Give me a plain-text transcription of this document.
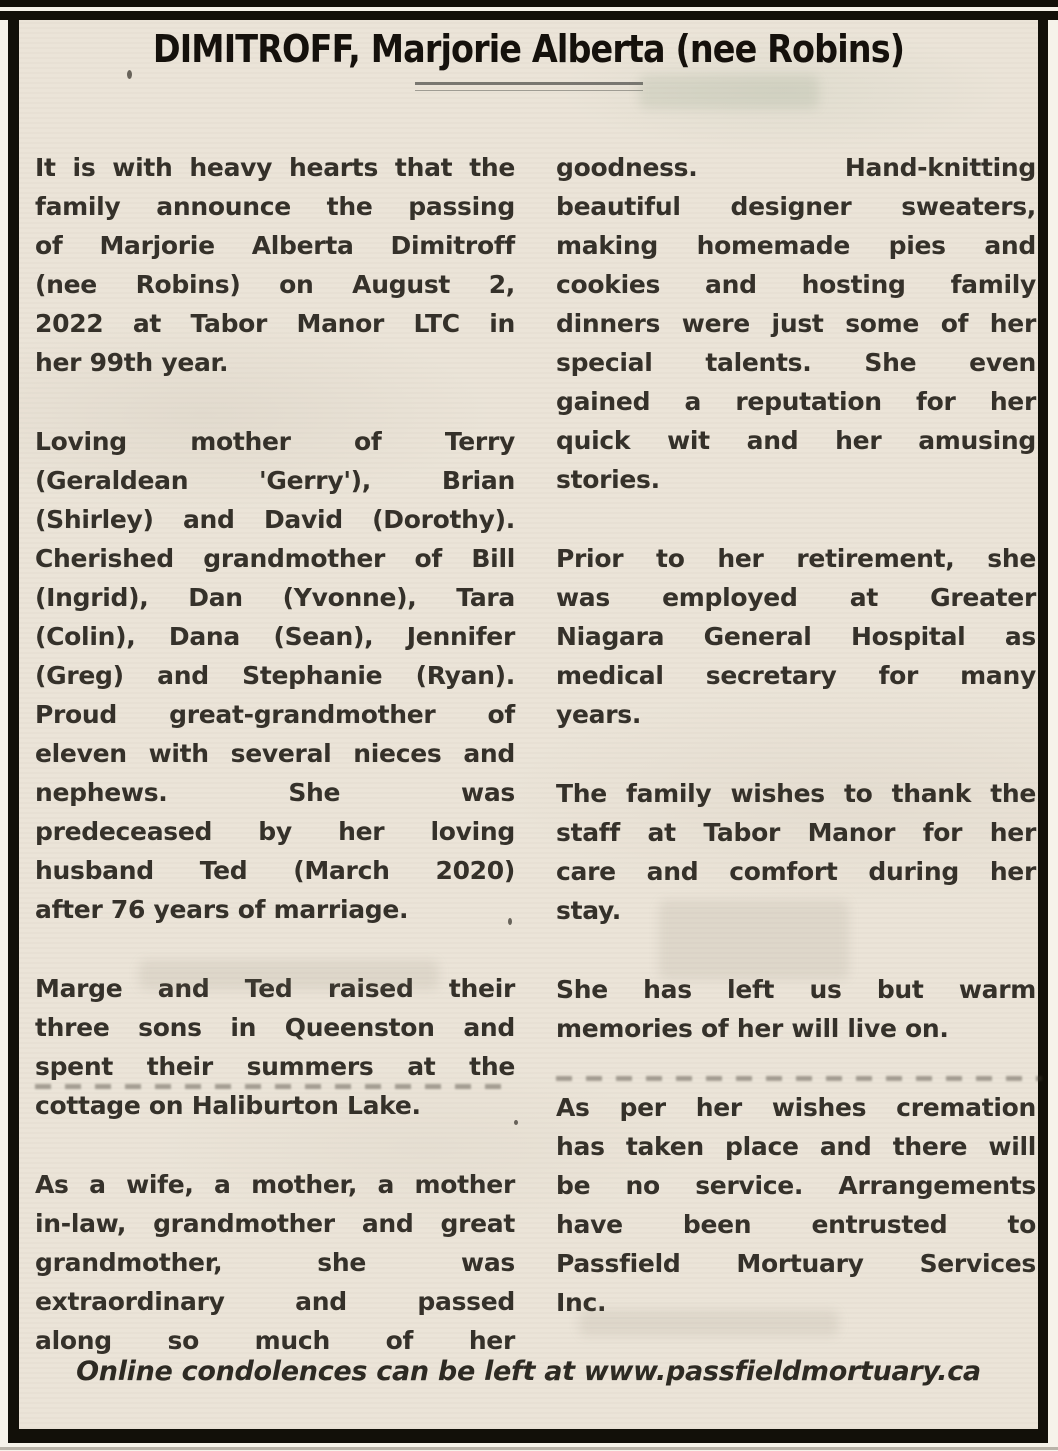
DIMITROFF, Marjorie Alberta (nee Robins)
It is with heavy hearts that the
family announce the passing
of Marjorie Alberta Dimitroff
(nee Robins) on August 2,
2022 at Tabor Manor LTC in
her 99th year.
Loving mother of Terry
(Geraldean 'Gerry'), Brian
(Shirley) and David (Dorothy).
Cherished grandmother of Bill
(Ingrid), Dan (Yvonne), Tara
(Colin), Dana (Sean), Jennifer
(Greg) and Stephanie (Ryan).
Proud great-grandmother of
eleven with several nieces and
nephews. She was
predeceased by her loving
husband Ted (March 2020)
after 76 years of marriage.
Marge and Ted raised their
three sons in Queenston and
spent their summers at the
cottage on Haliburton Lake.
As a wife, a mother, a mother
in-law, grandmother and great
grandmother, she was
extraordinary and passed
along so much of her
goodness. Hand-knitting
beautiful designer sweaters,
making homemade pies and
cookies and hosting family
dinners were just some of her
special talents. She even
gained a reputation for her
quick wit and her amusing
stories.
Prior to her retirement, she
was employed at Greater
Niagara General Hospital as
medical secretary for many
years.
The family wishes to thank the
staff at Tabor Manor for her
care and comfort during her
stay.
She has left us but warm
memories of her will live on.
As per her wishes cremation
has taken place and there will
be no service. Arrangements
have been entrusted to
Passfield Mortuary Services
Inc.
Online condolences can be left at www.passfieldmortuary.ca
